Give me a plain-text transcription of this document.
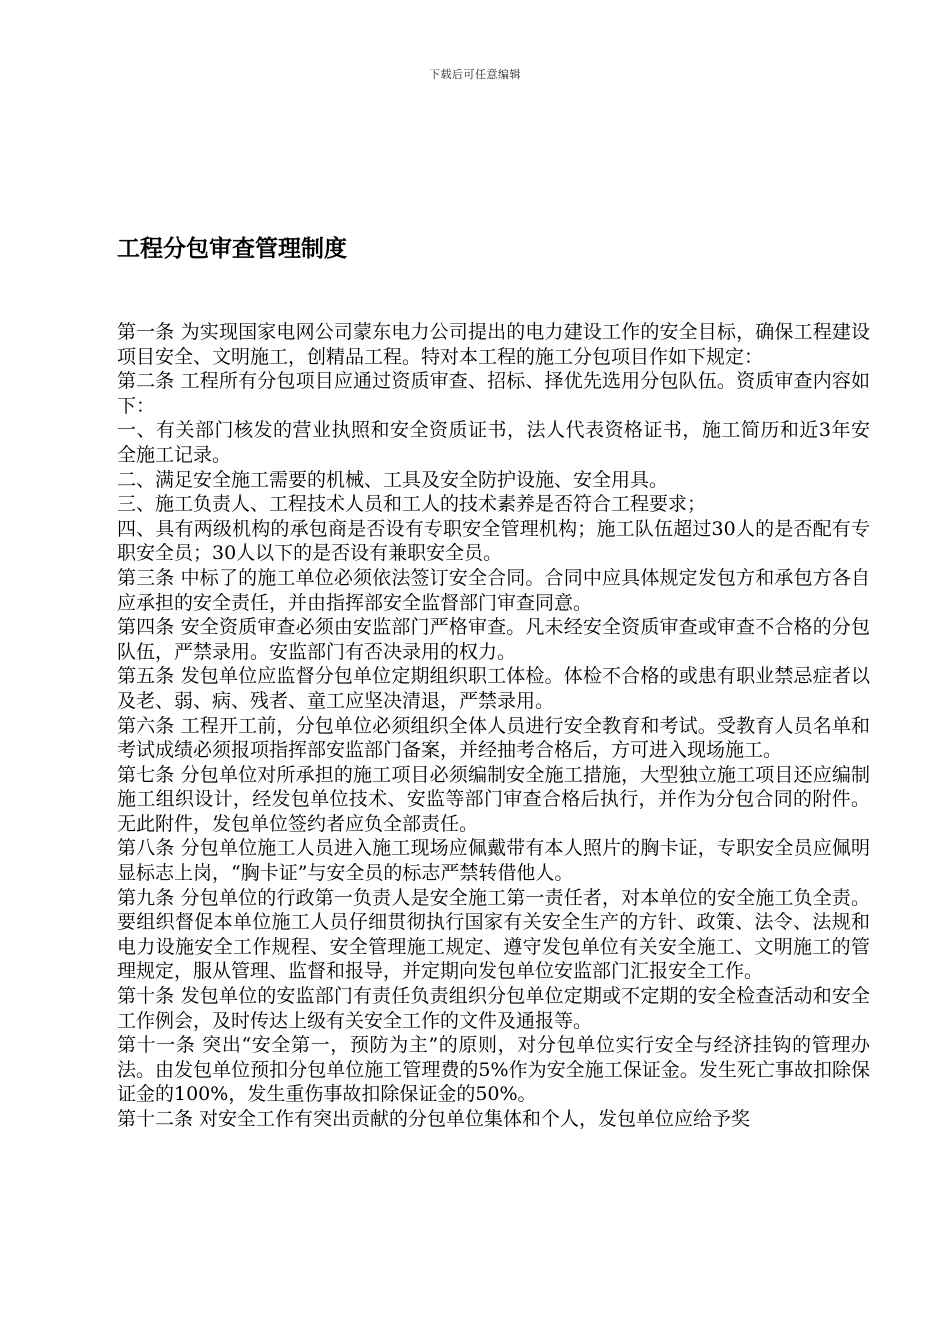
下载后可任意编辑
工程分包审查管理制度

第一条 为实现国家电网公司蒙东电力公司提出的电力建设工作的安全目标，确保工程建设项目安全、文明施工，创精品工程。特对本工程的施工分包项目作如下规定：

第二条 工程所有分包项目应通过资质审查、招标、择优先选用分包队伍。资质审查内容如下：

一、有关部门核发的营业执照和安全资质证书，法人代表资格证书，施工简历和近3年安全施工记录。

二、满足安全施工需要的机械、工具及安全防护设施、安全用具。

三、施工负责人、工程技术人员和工人的技术素养是否符合工程要求；

四、具有两级机构的承包商是否设有专职安全管理机构；施工队伍超过30人的是否配有专职安全员；30人以下的是否设有兼职安全员。

第三条 中标了的施工单位必须依法签订安全合同。合同中应具体规定发包方和承包方各自应承担的安全责任，并由指挥部安全监督部门审查同意。

第四条 安全资质审查必须由安监部门严格审查。凡未经安全资质审查或审查不合格的分包队伍，严禁录用。安监部门有否决录用的权力。

第五条 发包单位应监督分包单位定期组织职工体检。体检不合格的或患有职业禁忌症者以及老、弱、病、残者、童工应坚决清退，严禁录用。

第六条 工程开工前，分包单位必须组织全体人员进行安全教育和考试。受教育人员名单和考试成绩必须报项指挥部安监部门备案，并经抽考合格后，方可进入现场施工。

第七条 分包单位对所承担的施工项目必须编制安全施工措施，大型独立施工项目还应编制施工组织设计，经发包单位技术、安监等部门审查合格后执行，并作为分包合同的附件。无此附件，发包单位签约者应负全部责任。

第八条 分包单位施工人员进入施工现场应佩戴带有本人照片的胸卡证，专职安全员应佩明显标志上岗，“胸卡证”与安全员的标志严禁转借他人。

第九条 分包单位的行政第一负责人是安全施工第一责任者，对本单位的安全施工负全责。要组织督促本单位施工人员仔细贯彻执行国家有关安全生产的方针、政策、法令、法规和电力设施安全工作规程、安全管理施工规定、遵守发包单位有关安全施工、文明施工的管理规定，服从管理、监督和报导，并定期向发包单位安监部门汇报安全工作。

第十条 发包单位的安监部门有责任负责组织分包单位定期或不定期的安全检查活动和安全工作例会，及时传达上级有关安全工作的文件及通报等。

第十一条 突出“安全第一，预防为主”的原则，对分包单位实行安全与经济挂钩的管理办法。由发包单位预扣分包单位施工管理费的5%作为安全施工保证金。发生死亡事故扣除保证金的100%，发生重伤事故扣除保证金的50%。

第十二条 对安全工作有突出贡献的分包单位集体和个人，发包单位应给予奖
